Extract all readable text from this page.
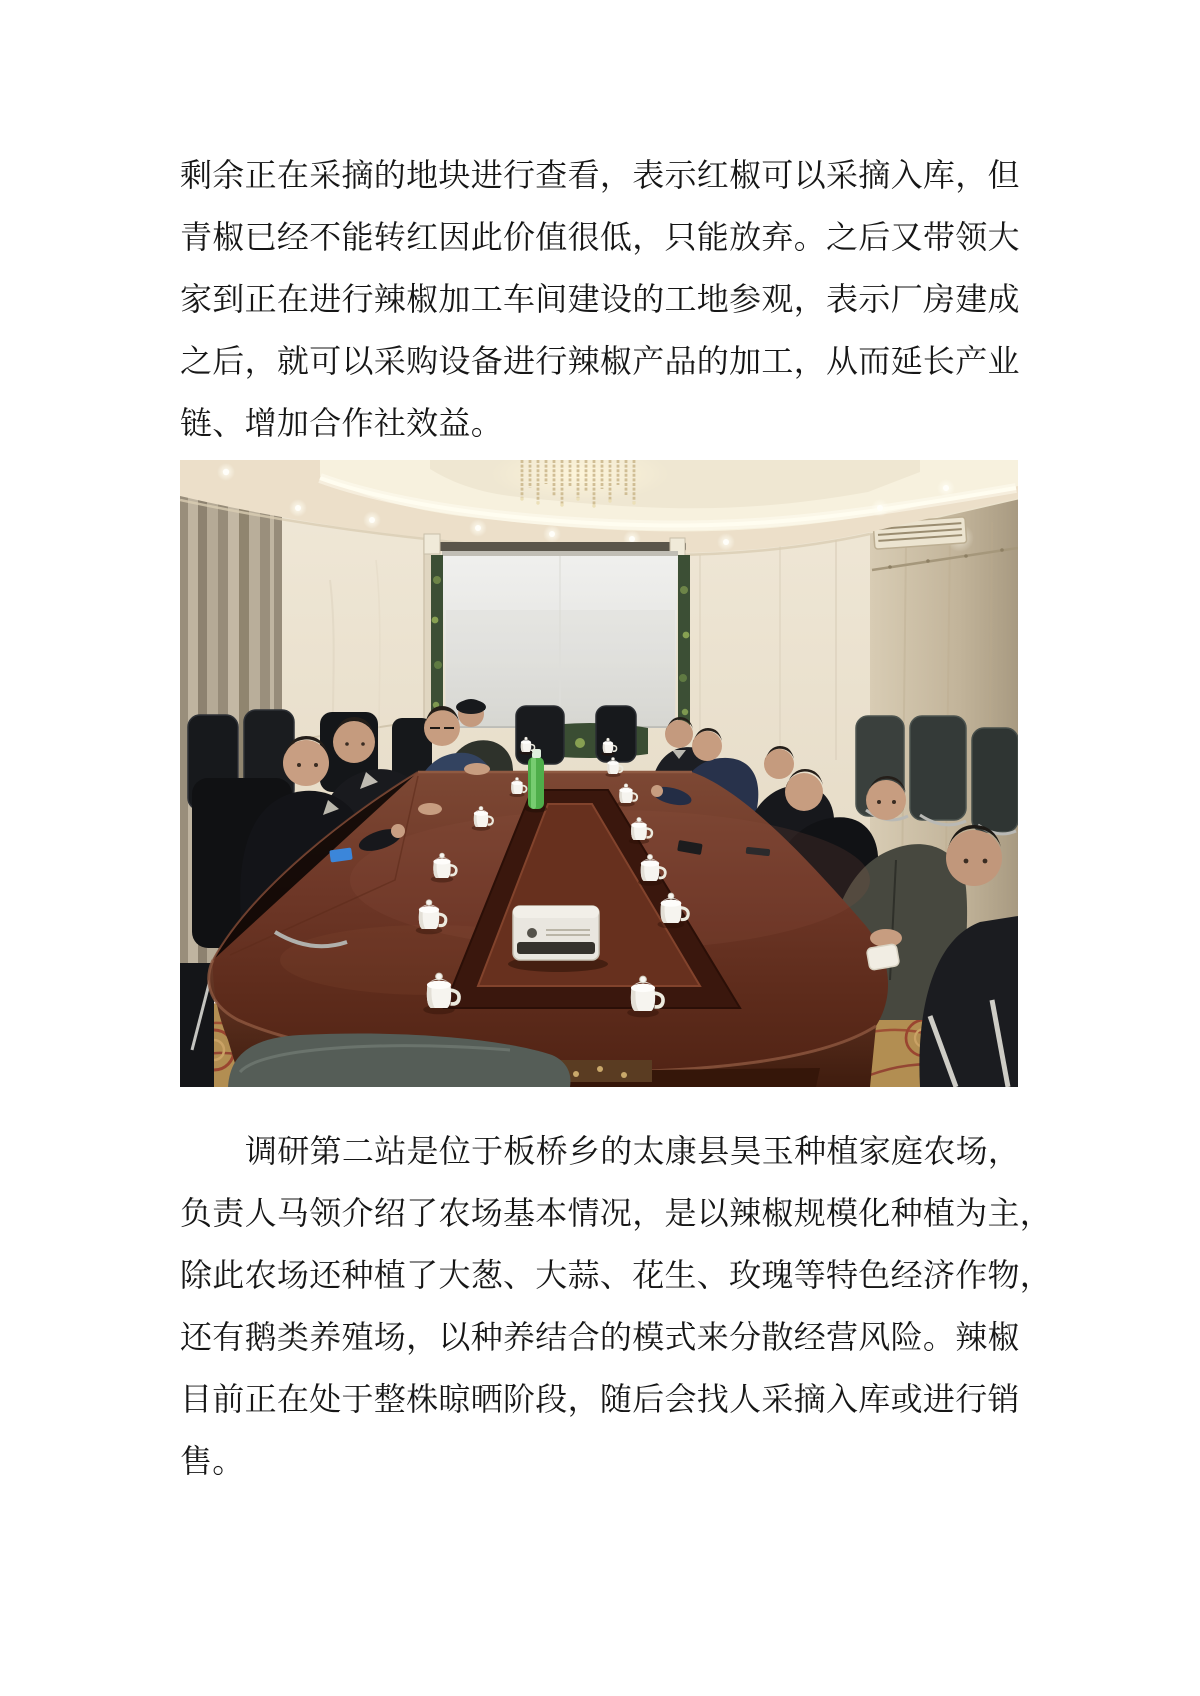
剩余正在采摘的地块进行查看，表示红椒可以采摘入库，但
青椒已经不能转红因此价值很低，只能放弃。之后又带领大
家到正在进行辣椒加工车间建设的工地参观，表示厂房建成
之后，就可以采购设备进行辣椒产品的加工，从而延长产业
链、增加合作社效益。
调研第二站是位于板桥乡的太康县昊玉种植家庭农场，
负责人马领介绍了农场基本情况，是以辣椒规模化种植为主，
除此农场还种植了大葱、大蒜、花生、玫瑰等特色经济作物，
还有鹅类养殖场，以种养结合的模式来分散经营风险。辣椒
目前正在处于整株晾晒阶段，随后会找人采摘入库或进行销
售。
